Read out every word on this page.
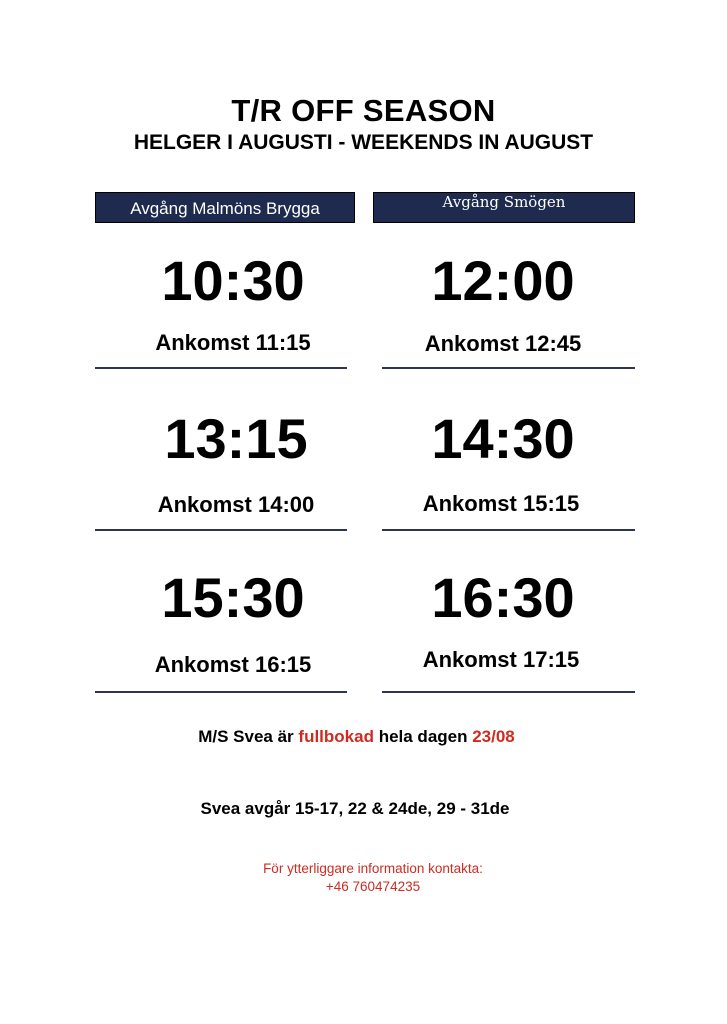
T/R OFF SEASON
HELGER I AUGUSTI - WEEKENDS IN AUGUST
Avgång Malmöns Brygga	Avgång Smögen
10:30
Ankomst 11:15
13:15
Ankomst 14:00
15:30
Ankomst 16:15
12:00
Ankomst 12:45
14:30
Ankomst 15:15
16:30
Ankomst 17:15
M/S Svea är fullbokad hela dagen 23/08
Svea avgår 15-17, 22 & 24de, 29 - 31de
För ytterliggare information kontakta:
+46 760474235
